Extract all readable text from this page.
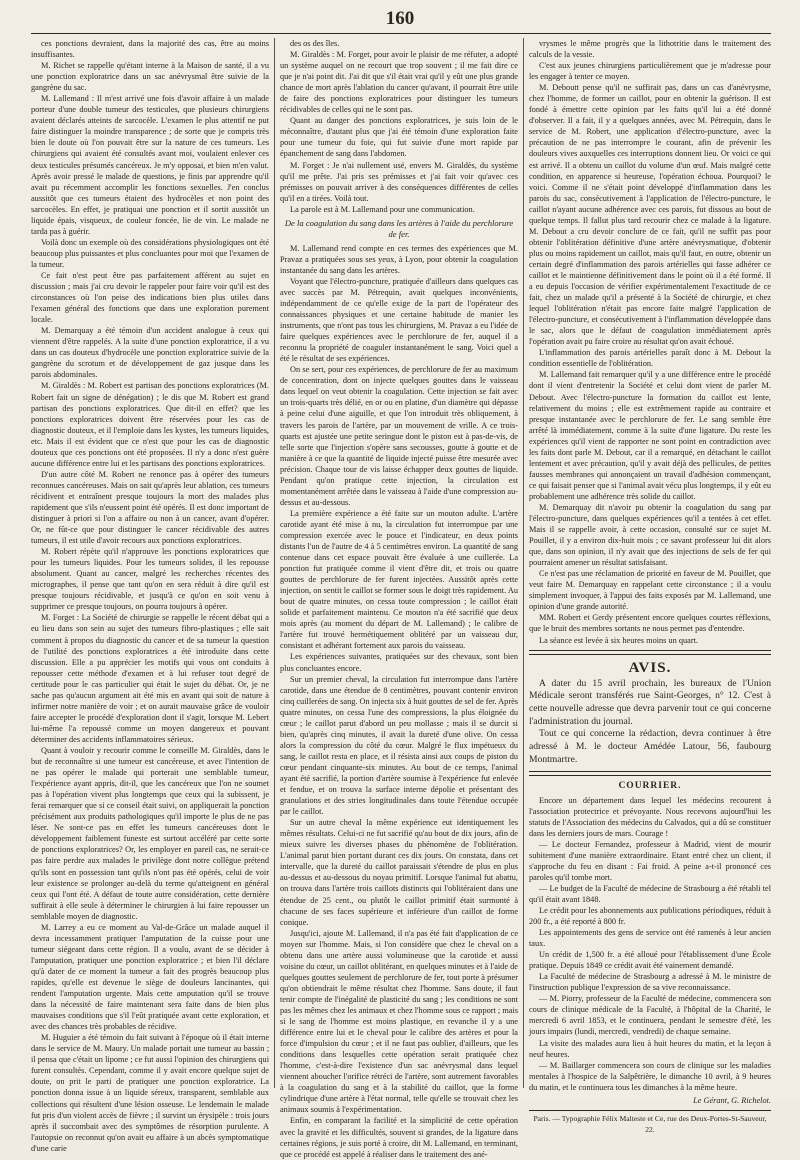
160

ces ponctions devraient, dans la majorité des cas, être au moins insuffisantes.

M. Richet se rappelle qu'étant interne à la Maison de santé, il a vu une ponction exploratrice dans un sac anévrysmal être suivie de la gangrène du sac.

M. Lallemand : Il m'est arrivé une fois d'avoir affaire à un malade porteur d'une double tumeur des testicules, que plusieurs chirurgiens avaient déclarés atteints de sarcocèle. L'examen le plus attentif ne put faire distinguer la moindre transparence ; de sorte que je compris très bien le doute où l'on pouvait être sur la nature de ces tumeurs. Les chirurgiens qui avaient été consultés avant moi, voulaient enlever ces deux testicules présumés cancéreux. Je m'y opposai, et bien m'en valut. Après avoir pressé le malade de questions, je finis par apprendre qu'il avait pu récemment accomplir les fonctions sexuelles. J'en conclus aussitôt que ces tumeurs étaient des hydrocèles et non point des sarcocèles. En effet, je pratiquai une ponction et il sortit aussitôt un liquide épais, visqueux, de couleur foncée, lie de vin. Le malade ne tarda pas à guérir.

Voilà donc un exemple où des considérations physiologiques ont été beaucoup plus puissantes et plus concluantes pour moi que l'examen de la tumeur.

Ce fait n'est peut être pas parfaitement afférent au sujet en discussion ; mais j'ai cru devoir le rappeler pour faire voir qu'il est des circonstances où l'on peise des indications bien plus utiles dans l'examen général des fonctions que dans une exploration purement locale.

M. Demarquay a été témoin d'un accident analogue à ceux qui viennent d'être rappelés. A la suite d'une ponction exploratrice, il a vu dans un cas douteux d'hydrocèle une ponction exploratrice suivie de la gangrène du scrotum et de développement de gaz jusque dans les parois abdominales.

M. Giraldès : M. Robert est partisan des ponctions exploratrices (M. Robert fait un signe de dénégation) ; le dis que M. Robert est grand partisan des ponctions exploratrices. Que dit-il en effet? que les ponctions exploratrices doivent être réservées pour les cas de diagnostic douteux, et il l'emploie dans les kystes, les tumeurs liquides, etc. Mais il est évident que ce n'est que pour les cas de diagnostic douteux que ces ponctions ont été proposées. Il n'y a donc n'est guère aucune différence entre lui et les partisans des ponctions exploratrices.

D'un autre côté M. Robert ne renonce pas à opérer des tumeurs reconnues cancéreuses. Mais on sait qu'après leur ablation, ces tumeurs récidivent et entraînent presque toujours la mort des malades plus rapidement que s'ils n'eussent point été opérés. Il est donc important de distinguer à priori si l'on a affaire ou non à un cancer, avant d'opérer. Or, ne fût-ce que pour distinguer le cancer récidivable des autres tumeurs, il est utile d'avoir recours aux ponctions exploratrices.

M. Robert répète qu'il n'approuve les ponctions exploratrices que pour les tumeurs liquides. Pour les tumeurs solides, il les repousse absolument. Quant au cancer, malgré les recherches récentes des micrographes, il pense que tant qu'on en sera réduit à dire qu'il est presque toujours récidivable, et jusqu'à ce qu'on en soit venu à supprimer ce presque toujours, on pourra toujours à opérer.

M. Forget : La Société de chirurgie se rappelle le récent débat qui a eu lieu dans son sein au sujet des tumeurs fibro-plastiques ; elle sait comment à propos du diagnostic du cancer et de sa tumeur la question de l'utilité des ponctions exploratrices a été introduite dans cette discussion. Elle a pu apprécier les motifs qui vous ont conduits à repousser cette méthode d'examen et à lui refuser tout degré de certitude pour le cas particulier qui était le sujet du débat. Or, je ne sache pas qu'aucun argument ait été mis en avant qui soit de nature à infirmer notre manière de voir ; et on aurait mauvaise grâce de vouloir faire accepter le procédé d'exploration dont il s'agit, lorsque M. Lebert lui-même l'a repoussé comme un moyen dangereux et pouvant déterminer des accidents inflammatoires sérieux.

Quant à vouloir y recourir comme le conseille M. Giraldès, dans le but de reconnaître si une tumeur est cancéreuse, et avec l'intention de ne pas opérer le malade qui porterait une semblable tumeur, l'expérience ayant appris, dit-il, que les cancéreux que l'on ne soumet pas à l'opération vivent plus longtemps que ceux qui la subissent, je ferai remarquer que si ce conseil était suivi, on appliquerait la ponction précisément aux produits pathologiques qu'il importe le plus de ne pas léser. Ne sont-ce pas en effet les tumeurs cancéreuses dont le développement faiblement funeste est surtout accéléré par cette sorte de ponctions exploratrices? Or, les employer en pareil cas, ne serait-ce pas faire perdre aux malades le privilège dont notre collègue prétend qu'ils sont en possession tant qu'ils n'ont pas été opérés, celui de voir leur existence se prolonger au-delà du terme qu'atteignent en général ceux qui l'ont été. A défaut de toute autre considération, cette dernière suffirait à elle seule à déterminer le chirurgien à lui faire repousser un semblable moyen de diagnostic.

M. Larrey a eu ce moment au Val-de-Grâce un malade auquel il devra incessamment pratiquer l'amputation de la cuisse pour une tumeur siégeant dans cette région. Il a voulu, avant de se décider à l'amputation, pratiquer une ponction exploratrice ; et bien l'il déclare qu'à dater de ce moment la tumeur a fait des progrès beaucoup plus rapides, qu'elle est devenue le siège de douleurs lancinantes, qui rendent l'amputation urgente. Mais cette amputation qu'il se trouve dans la nécessité de faire maintenant sera faite dans de bien plus mauvaises conditions que s'il l'eût pratiquée avant cette exploration, et avec des chances très probables de récidive.

M. Huguier a été témoin du fait suivant à l'époque où il était interne dans le service de M. Maury. Un malade portait une tumeur au bassin ; il pensa que c'était un lipome ; ce fut aussi l'opinion des chirurgiens qui furent consultés. Cependant, comme il y avait encore quelque sujet de doute, on prit le parti de pratiquer une ponction exploratrice. La ponction donna issue à un liquide séreux, transparent, semblable aux collections qui résultent d'une lésion osseuse. Le lendemain le malade fut pris d'un violent accès de fièvre ; il survint un érysipèle : trois jours après il succombait avec des symptômes de résorption purulente. A l'autopsie on reconnut qu'on avait eu affaire à un abcès symptomatique d'une carie

des os des îles.

M. Giraldès : M. Forget, pour avoir le plaisir de me réfuter, a adopté un système auquel on ne recourt que trop souvent ; il me fait dire ce que je n'ai point dit. J'ai dit que s'il était vrai qu'il y eût une plus grande chance de mort après l'ablation du cancer qu'avant, il pourrait être utile de faire des ponctions exploratrices pour distinguer les tumeurs récidivables de celles qui ne le sont pas.

Quant au danger des ponctions exploratrices, je suis loin de le méconnaître, d'autant plus que j'ai été témoin d'une exploration faite pour une tumeur du foie, qui fut suivie d'une mort rapide par épanchement de sang dans l'abdomen.

M. Forget : Je n'ai nullement usé, envers M. Giraldès, du système qu'il me prête. J'ai pris ses prémisses et j'ai fait voir qu'avec ces prémisses on pouvait arriver à des conséquences différentes de celles qu'il en a tirées. Voilà tout.

La parole est à M. Lallemand pour une communication.

De la coagulation du sang dans les artères à l'aide du perchlorure de fer.

M. Lallemand rend compte en ces termes des expériences que M. Pravaz a pratiquées sous ses yeux, à Lyon, pour obtenir la coagulation instantanée du sang dans les artères.

Voyant que l'électro-puncture, pratiquée d'ailleurs dans quelques cas avec succès par M. Pétrequin, avait quelques inconvénients, indépendamment de ce qu'elle exige de la part de l'opérateur des connaissances physiques et une certaine habitude de manier les instruments, que n'ont pas tous les chirurgiens, M. Pravaz a eu l'idée de faire quelques expériences avec le perchlorure de fer, auquel il a reconnu la propriété de coaguler instantanément le sang. Voici quel a été le résultat de ses expériences.

On se sert, pour ces expériences, de perchlorure de fer au maximum de concentration, dont on injecte quelques gouttes dans le vaisseau dans lequel on veut obtenir la coagulation. Cette injection se fait avec un trois-quarts très délié, en or ou en platine, d'un diamètre qui dépasse à peine celui d'une aiguille, et que l'on introduit très obliquement, à travers les parois de l'artère, par un mouvement de vrille. A ce trois-quarts est ajustée une petite seringue dont le piston est à pas-de-vis, de telle sorte que l'injection s'opère sans secousses, goutte à goutte et de manière à ce que la quantité de liquide injecté puisse être mesurée avec précision. Chaque tour de vis laisse échapper deux gouttes de liquide. Pendant qu'on pratique cette injection, la circulation est momentanément arrêtée dans le vaisseau à l'aide d'une compression au-dessus et au-dessous.

La première expérience a été faite sur un mouton adulte. L'artère carotide ayant été mise à nu, la circulation fut interrompue par une compression exercée avec le pouce et l'indicateur, en deux points distants l'un de l'autre de 4 à 5 centimètres environ. La quantité de sang contenue dans cet espace pouvait être évaluée à une cuillerée. La ponction fut pratiquée comme il vient d'être dit, et trois ou quatre gouttes de perchlorure de fer furent injectées. Aussitôt après cette injection, on sentit le caillot se former sous le doigt très rapidement. Au bout de quatre minutes, on cessa toute compression ; le caillot était solide et parfaitement maintenu. Ce mouton n'a été sacrifié que deux mois après (au moment du départ de M. Lallemand) ; le calibre de l'artère fut trouvé hermétiquement oblitéré par un vaisseau dur, consistant et adhérant fortement aux parois du vaisseau.

Les expériences suivantes, pratiquées sur des chevaux, sont bien plus concluantes encore.

Sur un premier cheval, la circulation fut interrompue dans l'artère carotide, dans une étendue de 8 centimètres, pouvant contenir environ cinq cuillerées de sang. On injecta six à huit gouttes de sel de fer. Après quatre minutes, on cessa l'une des compressions, la plus éloignée du cœur ; le caillot parut d'abord un peu mollasse ; mais il se durcit si bien, qu'après cinq minutes, il avait la dureté d'une olive. On cessa alors la compression du côté du cœur. Malgré le flux impétueux du sang, le caillot resta en place, et il résista ainsi aux coups de piston du cœur pendant cinquante-six minutes. Au bout de ce temps, l'animal ayant été sacrifié, la portion d'artère soumise à l'expérience fut enlevée et fendue, et on trouva la surface interne dépolie et présentant des granulations et des stries longitudinales dans toute l'étendue occupée par le caillot.

Sur un autre cheval la même expérience eut identiquement les mêmes résultats. Celui-ci ne fut sacrifié qu'au bout de dix jours, afin de mieux suivre les diverses phases du phénomène de l'oblitération. L'animal parut bien portant durant ces dix jours. On constata, dans cet intervalle, que la dureté du caillot paraissait s'étendre de plus en plus au-dessus et au-dessous du noyau primitif. Lorsque l'animal fut abattu, on trouva dans l'artère trois caillots distincts qui l'oblitéraient dans une étendue de 25 cent., ou plutôt le caillot primitif était surmonté à chacune de ses faces supérieure et inférieure d'un caillot de forme conique.

Jusqu'ici, ajoute M. Lallemand, il n'a pas été fait d'application de ce moyen sur l'homme. Mais, si l'on considère que chez le cheval on a obtenu dans une artère aussi volumineuse que la carotide et aussi voisine du cœur, un caillot oblitérant, en quelques minutes et à l'aide de quelques gouttes seulement de perchlorure de fer, tout porte à présumer qu'on obtiendrait le même résultat chez l'homme. Sans doute, il faut tenir compte de l'inégalité de plasticité du sang ; les conditions ne sont pas les mêmes chez les animaux et chez l'homme sous ce rapport ; mais si le sang de l'homme est moins plastique, en revanche il y a une différence entre lui et le cheval pour le calibre des artères et pour la force d'impulsion du cœur ; et il ne faut pas oublier, d'ailleurs, que les conditions dans lesquelles cette opération serait pratiquée chez l'homme, c'est-à-dire l'existence d'un sac anévrysmal dans lequel viennent aboucher l'orifice rétréci de l'artère, sont autrement favorables à la coagulation du sang et à la stabilité du caillot, que la forme cylindrique d'une artère à l'état normal, telle qu'elle se trouvait chez les animaux soumis à l'expérimentation.

Enfin, en comparant la facilité et la simplicité de cette opération avec la gravité et les difficultés, souvent si grandes, de la ligature dans certaines régions, je suis porté à croire, dit M. Lallemand, en terminant, que ce procédé est appelé à réaliser dans le traitement des ané-

vrysmes le même progrès que la lithotritie dans le traitement des calculs de la vessie.

C'est aux jeunes chirurgiens particulièrement que je m'adresse pour les engager à tenter ce moyen.

M. Deboutt pense qu'il ne suffirait pas, dans un cas d'anévrysme, chez l'homme, de former un caillot, pour en obtenir la guérison. Il est fondé à émettre cette opinion par les faits qu'il lui a été donné d'observer. Il a fait, il y a quelques années, avec M. Pétrequin, dans le service de M. Robert, une application d'électro-puncture, avec la précaution de ne pas interrompre le courant, afin de prévenir les douleurs vives auxquelles ces interruptions donnent lieu. Or voici ce qui est arrivé. Il a obtenu un caillot du volume d'un œuf. Mais malgré cette condition, en apparence si heureuse, l'opération échoua. Pourquoi? le voici. Comme il ne s'était point développé d'inflammation dans les parois du sac, consécutivement à l'application de l'électro-puncture, le caillot n'ayant aucune adhérence avec ces parois, fut dissous au bout de quelque temps. Il fallut plus tard recourir chez ce malade à la ligature. M. Debout a cru devoir conclure de ce fait, qu'il ne suffit pas pour obtenir l'oblitération définitive d'une artère anévrysmatique, d'obtenir plus ou moins rapidement un caillot, mais qu'il faut, en outre, obtenir un certain degré d'inflammation des parois artérielles qui fasse adhérer ce caillot et le maintienne définitivement dans le point où il a été formé. Il a eu depuis l'occasion de vérifier expérimentalement l'exactitude de ce fait, chez un malade qu'il a présenté à la Société de chirurgie, et chez lequel l'oblitération n'était pas encore faite malgré l'application de l'électro-puncture, et consécutivement à l'inflammation développée dans le sac, alors que le défaut de coagulation immédiatement après l'opération avait pu faire croire au résultat qu'on avait échoué.

L'inflammation des parois artérielles paraît donc à M. Debout la condition essentielle de l'oblitération.

M. Lallemand fait remarquer qu'il y a une différence entre le procédé dont il vient d'entretenir la Société et celui dont vient de parler M. Debout. Avec l'électro-puncture la formation du caillot est lente, relativement du moins ; elle est extrêmement rapide au contraire et presque instantanée avec le perchlorure de fer. Le sang semble être arrêté là immédiatement, comme à la suite d'une ligature. Du reste les expériences qu'il vient de rapporter ne sont point en contradiction avec les faits dont parle M. Debout, car il a remarqué, en détachant le caillot lentement et avec précaution, qu'il y avait déjà des pellicules, de petites fausses membranes qui annonçaient un travail d'adhésion commençant, ce qui faisait penser que si l'animal avait vécu plus longtemps, il y eût eu probablement une adhérence très solide du caillot.

M. Demarquay dit n'avoir pu obtenir la coagulation du sang par l'électro-puncture, dans quelques expériences qu'il a tentées à cet effet. Mais il se rappelle avoir, à cette occasion, consulté sur ce sujet M. Pouillet, il y a environ dix-huit mois ; ce savant professeur lui dit alors que, dans son opinion, il n'y avait que des injections de sels de fer qui pourraient amener un résultat satisfaisant.

Ce n'est pas une réclamation de priorité en faveur de M. Pouillet, que veut faire M. Demarquay en rappelant cette circonstance ; il a voulu simplement invoquer, à l'appui des faits exposés par M. Lallemand, une opinion d'une grande autorité.

MM. Robert et Gerdy présentent encore quelques courtes réflexions, que le bruit des membres sortants ne nous permet pas d'entendre.

La séance est levée à six heures moins un quart.

AVIS.

A dater du 15 avril prochain, les bureaux de l'Union Médicale seront transférés rue Saint-Georges, n° 12. C'est à cette nouvelle adresse que devra parvenir tout ce qui concerne l'administration du journal.

Tout ce qui concerne la rédaction, devra continuer à être adressé à M. le docteur Amédée Latour, 56, faubourg Montmartre.

COURRIER.

Encore un département dans lequel les médecins recourent à l'association protectrice et prévoyante. Nous recevons aujourd'hui les statuts de l'Association des médecins du Calvados, qui a dû se constituer dans les derniers jours de mars. Courage !

— Le docteur Fernandez, professeur à Madrid, vient de mourir subitement d'une manière extraordinaire. Etant entré chez un client, il s'approche du feu en disant : Fai froid. A peine a-t-il prononcé ces paroles qu'il tombe mort.

— Le budget de la Faculté de médecine de Strasbourg a été rétabli tel qu'il était avant 1848.

Le crédit pour les abonnements aux publications périodiques, réduit à 200 fr., a été reporté à 800 fr.

Les appointements des gens de service ont été ramenés à leur ancien taux.

Un crédit de 1,500 fr. a été alloué pour l'établissement d'une École pratique. Depuis 1849 ce crédit avait été vainement demandé.

La Faculté de médecine de Strasbourg a adressé à M. le ministre de l'instruction publique l'expression de sa vive reconnaissance.

— M. Piorry, professeur de la Faculté de médecine, commencera son cours de clinique médicale de la Faculté, à l'hôpital de la Charité, le mercredi 6 avril 1853, et le continuera, pendant le semestre d'été, les jours impairs (lundi, mercredi, vendredi) de chaque semaine.

La visite des malades aura lieu à huit heures du matin, et la leçon à neuf heures.

— M. Baillarger commencera son cours de clinique sur les maladies mentales à l'hospice de la Salpêtrière, le dimanche 10 avril, à 9 heures du matin, et le continuera tous les dimanches à la même heure.

Le Gérant, G. Richelot.

Paris. — Typographie Félix Malteste et Ce, rue des Deux-Portes-St-Sauveur, 22.
